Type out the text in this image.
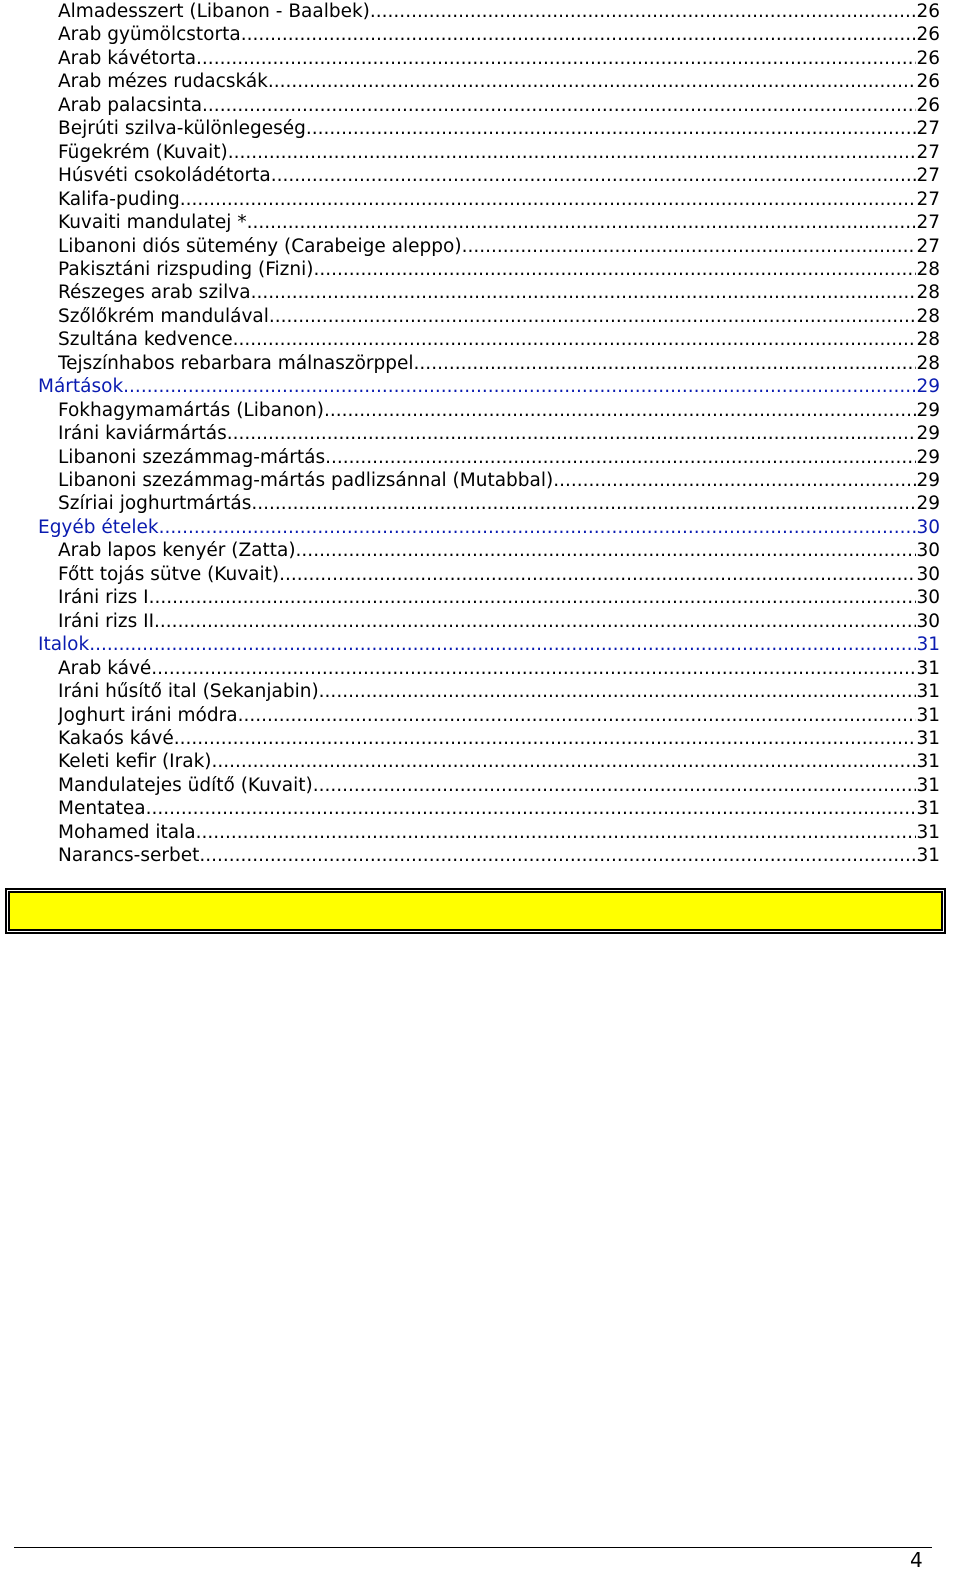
Almadesszert (Libanon - Baalbek) .....	26
Arab gyümölcstorta .....	26
Arab kávétorta .....	26
Arab mézes rudacskák .....	26
Arab palacsinta .....	26
Bejrúti szilva-különlegeség .....	27
Fügekrém (Kuvait) .....	27
Húsvéti csokoládétorta .....	27
Kalifa-puding .....	27
Kuvaiti mandulatej * .....	27
Libanoni diós sütemény (Carabeige aleppo) .....	27
Pakisztáni rizspuding (Fizni) .....	28
Részeges arab szilva .....	28
Szőlőkrém mandulával .....	28
Szultána kedvence .....	28
Tejszínhabos rebarbara málnaszörppel .....	28
Mártások .....	29
Fokhagymamártás (Libanon) .....	29
Iráni kaviármártás .....	29
Libanoni szezámmag-mártás .....	29
Libanoni szezámmag-mártás padlizsánnal (Mutabbal) .....	29
Szíriai joghurtmártás .....	29
Egyéb ételek .....	30
Arab lapos kenyér (Zatta) .....	30
Főtt tojás sütve (Kuvait) .....	30
Iráni rizs I. .....	30
Iráni rizs II. .....	30
Italok .....	31
Arab kávé .....	31
Iráni hűsítő ital (Sekanjabin) .....	31
Joghurt iráni módra .....	31
Kakaós kávé .....	31
Keleti kefir (Irak) .....	31
Mandulatejes üdítő (Kuvait) .....	31
Mentatea .....	31
Mohamed itala .....	31
Narancs-serbet .....	31
4
